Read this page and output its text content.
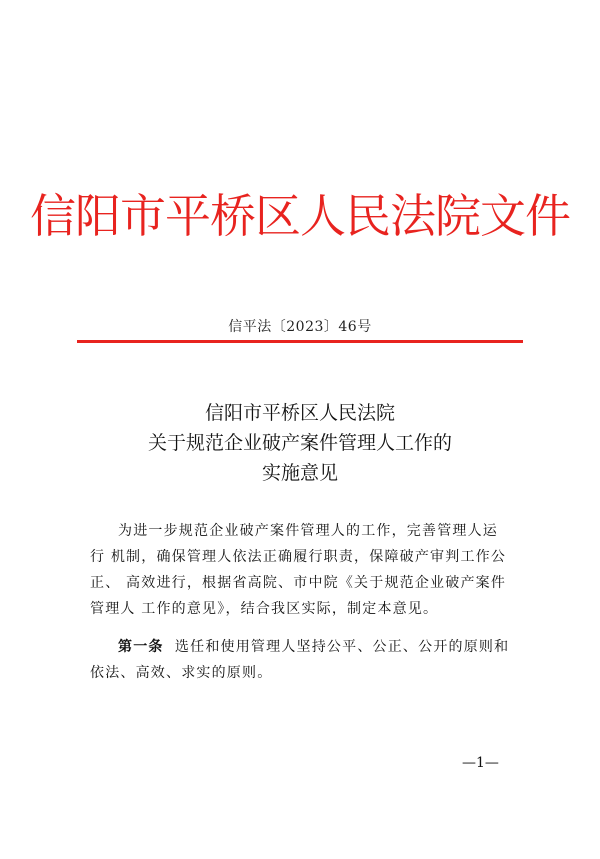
信阳市平桥区人民法院文件
信平法〔2023〕46号
信阳市平桥区人民法院
关于规范企业破产案件管理人工作的
实施意见
为进一步规范企业破产案件管理人的工作，完善管理人运
行 机制，确保管理人依法正确履行职责，保障破产审判工作公
正、 高效进行，根据省高院、市中院《关于规范企业破产案件
管理人 工作的意见》，结合我区实际，制定本意见。
第一条 选任和使用管理人坚持公平、公正、公开的原则和
依法、高效、求实的原则。
—1—
